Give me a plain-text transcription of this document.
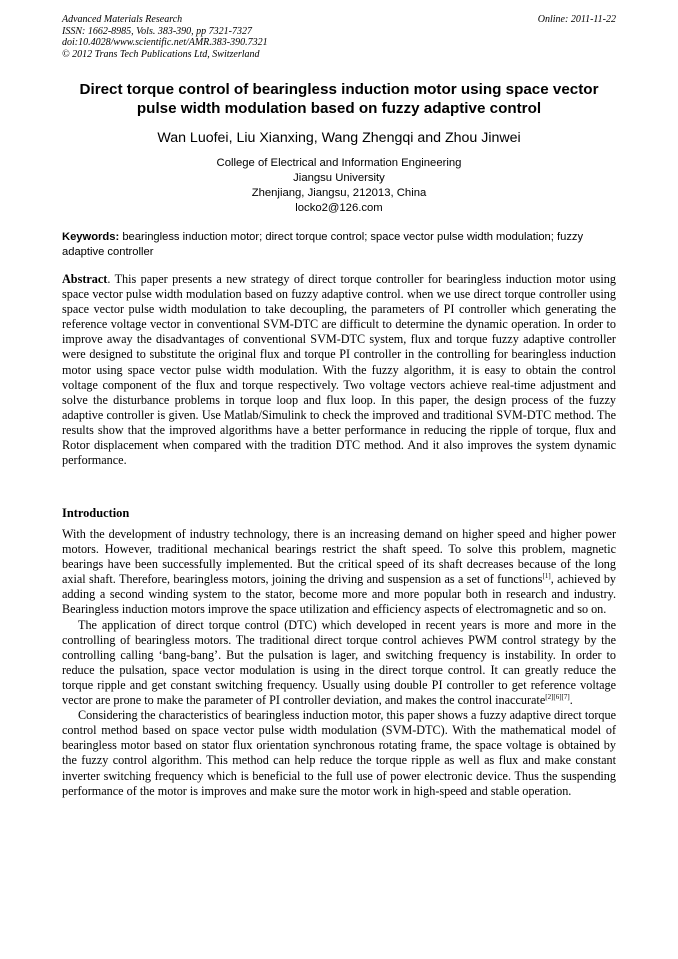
Advanced Materials Research
ISSN: 1662-8985, Vols. 383-390, pp 7321-7327
doi:10.4028/www.scientific.net/AMR.383-390.7321
© 2012 Trans Tech Publications Ltd, Switzerland
Online: 2011-11-22
Direct torque control of bearingless induction motor using space vector pulse width modulation based on fuzzy adaptive control
Wan Luofei, Liu Xianxing, Wang Zhengqi and Zhou Jinwei
College of Electrical and Information Engineering
Jiangsu University
Zhenjiang, Jiangsu, 212013, China
locko2@126.com
Keywords: bearingless induction motor; direct torque control; space vector pulse width modulation; fuzzy adaptive controller
Abstract. This paper presents a new strategy of direct torque controller for bearingless induction motor using space vector pulse width modulation based on fuzzy adaptive control. when we use direct torque controller using space vector pulse width modulation to take decoupling, the parameters of PI controller which generating the reference voltage vector in conventional SVM-DTC are difficult to determine the dynamic operation. In order to improve away the disadvantages of conventional SVM-DTC system, flux and torque fuzzy adaptive controller were designed to substitute the original flux and torque PI controller in the controlling for bearingless induction motor using space vector pulse width modulation. With the fuzzy algorithm, it is easy to obtain the control voltage component of the flux and torque respectively. Two voltage vectors achieve real-time adjustment and solve the disturbance problems in torque loop and flux loop. In this paper, the design process of the fuzzy adaptive controller is given. Use Matlab/Simulink to check the improved and traditional SVM-DTC method. The results show that the improved algorithms have a better performance in reducing the ripple of torque, flux and Rotor displacement when compared with the tradition DTC method. And it also improves the system dynamic performance.
Introduction

With the development of industry technology, there is an increasing demand on higher speed and higher power motors. However, traditional mechanical bearings restrict the shaft speed. To solve this problem, magnetic bearings have been successfully implemented. But the critical speed of its shaft decreases because of the long axial shaft. Therefore, bearingless motors, joining the driving and suspension as a set of functions[1], achieved by adding a second winding system to the stator, become more and more popular both in research and industry. Bearingless induction motors improve the space utilization and efficiency aspects of electromagnetic and so on.

The application of direct torque control (DTC) which developed in recent years is more and more in the controlling of bearingless motors. The traditional direct torque control achieves PWM control strategy by the controlling calling ‘bang-bang’. But the pulsation is lager, and switching frequency is instability. In order to reduce the pulsation, space vector modulation is using in the direct torque control. It can greatly reduce the torque ripple and get constant switching frequency. Usually using double PI controller to get reference voltage vector are prone to make the parameter of PI controller deviation, and makes the control inaccurate[2][6][7].

Considering the characteristics of bearingless induction motor, this paper shows a fuzzy adaptive direct torque control method based on space vector pulse width modulation (SVM-DTC). With the mathematical model of bearingless motor based on stator flux orientation synchronous rotating frame, the space voltage is obtained by the fuzzy control algorithm. This method can help reduce the torque ripple as well as flux and make constant inverter switching frequency which is beneficial to the full use of power electronic device. Thus the suspending performance of the motor is improves and make sure the motor work in high-speed and stable operation.
